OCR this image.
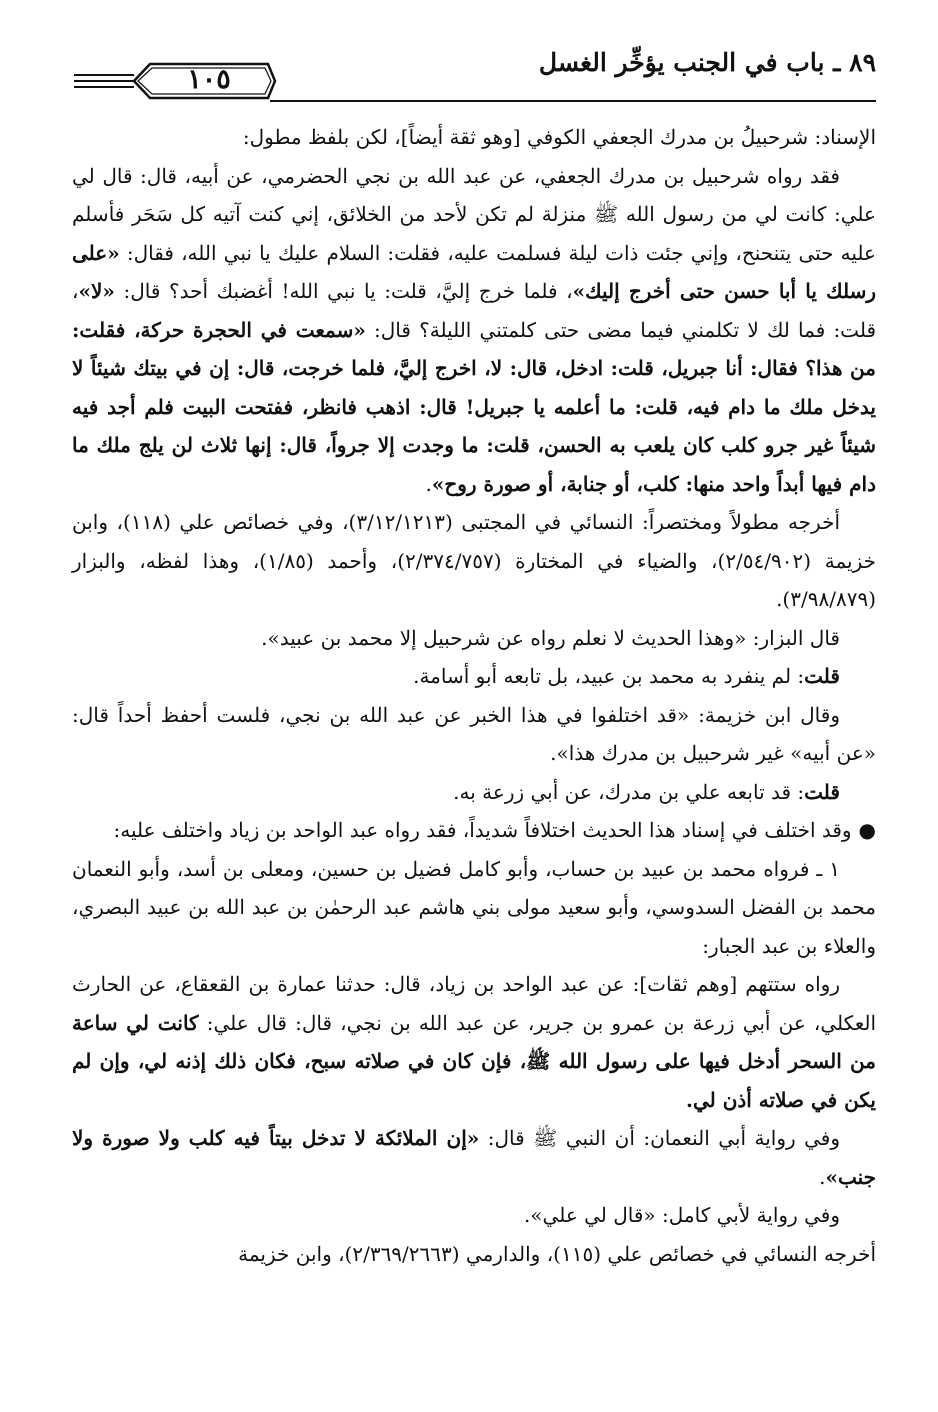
٨٩ ـ باب في الجنب يؤخِّر الغسل
١٠٥

الإسناد: شرحبيلُ بن مدرك الجعفي الكوفي [وهو ثقة أيضاً]، لكن بلفظ مطول:

فقد رواه شرحبيل بن مدرك الجعفي، عن عبد الله بن نجي الحضرمي، عن أبيه، قال: قال لي علي: كانت لي من رسول الله ﷺ منزلة لم تكن لأحد من الخلائق، إني كنت آتيه كل سَحَر فأسلم عليه حتى يتنحنح، وإني جئت ذات ليلة فسلمت عليه، فقلت: السلام عليك يا نبي الله، فقال: «على رسلك يا أبا حسن حتى أخرج إليك»، فلما خرج إليَّ، قلت: يا نبي الله! أغضبك أحد؟ قال: «لا»، قلت: فما لك لا تكلمني فيما مضى حتى كلمتني الليلة؟ قال: «سمعت في الحجرة حركة، فقلت: من هذا؟ فقال: أنا جبريل، قلت: ادخل، قال: لا، اخرج إليَّ، فلما خرجت، قال: إن في بيتك شيئاً لا يدخل ملك ما دام فيه، قلت: ما أعلمه يا جبريل! قال: اذهب فانظر، ففتحت البيت فلم أجد فيه شيئاً غير جرو كلب كان يلعب به الحسن، قلت: ما وجدت إلا جرواً، قال: إنها ثلاث لن يلج ملك ما دام فيها أبداً واحد منها: كلب، أو جنابة، أو صورة روح».

أخرجه مطولاً ومختصراً: النسائي في المجتبى (٣/١٢/١٢١٣)، وفي خصائص علي (١١٨)، وابن خزيمة (٢/٥٤/٩٠٢)، والضياء في المختارة (٢/٣٧٤/٧٥٧)، وأحمد (١/٨٥)، وهذا لفظه، والبزار (٣/٩٨/٨٧٩).

قال البزار: «وهذا الحديث لا نعلم رواه عن شرحبيل إلا محمد بن عبيد».

قلت: لم ينفرد به محمد بن عبيد، بل تابعه أبو أسامة.

وقال ابن خزيمة: «قد اختلفوا في هذا الخبر عن عبد الله بن نجي، فلست أحفظ أحداً قال: «عن أبيه» غير شرحبيل بن مدرك هذا».

قلت: قد تابعه علي بن مدرك، عن أبي زرعة به.

● وقد اختلف في إسناد هذا الحديث اختلافاً شديداً، فقد رواه عبد الواحد بن زياد واختلف عليه:

١ ـ فرواه محمد بن عبيد بن حساب، وأبو كامل فضيل بن حسين، ومعلى بن أسد، وأبو النعمان محمد بن الفضل السدوسي، وأبو سعيد مولى بني هاشم عبد الرحمٰن بن عبد الله بن عبيد البصري، والعلاء بن عبد الجبار:

رواه ستتهم [وهم ثقات]: عن عبد الواحد بن زياد، قال: حدثنا عمارة بن القعقاع، عن الحارث العكلي، عن أبي زرعة بن عمرو بن جرير، عن عبد الله بن نجي، قال: قال علي: كانت لي ساعة من السحر أدخل فيها على رسول الله ﷺ، فإن كان في صلاته سبح، فكان ذلك إذنه لي، وإن لم يكن في صلاته أذن لي.

وفي رواية أبي النعمان: أن النبي ﷺ قال: «إن الملائكة لا تدخل بيتاً فيه كلب ولا صورة ولا جنب».

وفي رواية لأبي كامل: «قال لي علي».

أخرجه النسائي في خصائص علي (١١٥)، والدارمي (٢/٣٦٩/٢٦٦٣)، وابن خزيمة
